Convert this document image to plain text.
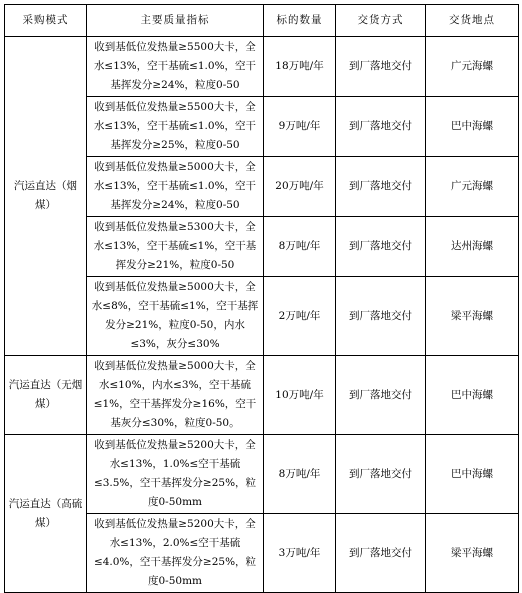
采购模式	主要质量指标	标的数量	交货方式	交货地点
汽运直达（烟煤）	收到基低位发热量≥5500大卡，全水≤13%，空干基硫≤1.0%，空干基挥发分≥24%，粒度0-50	18万吨/年	到厂落地交付	广元海螺
	收到基低位发热量≥5500大卡，全水≤13%，空干基硫≤1.0%，空干基挥发分≥25%，粒度0-50	9万吨/年	到厂落地交付	巴中海螺
	收到基低位发热量≥5000大卡，全水≤13%，空干基硫≤1.0%，空干基挥发分≥24%，粒度0-50	20万吨/年	到厂落地交付	广元海螺
	收到基低位发热量≥5300大卡，全水≤13%，空干基硫≤1%，空干基挥发分≥21%，粒度0-50	8万吨/年	到厂落地交付	达州海螺
	收到基低位发热量≥5000大卡，全水≤8%，空干基硫≤1%，空干基挥发分≥21%，粒度0-50，内水≤3%，灰分≤30%	2万吨/年	到厂落地交付	梁平海螺
汽运直达（无烟煤）	收到基低位发热量≥5000大卡，全水≤10%，内水≤3%，空干基硫≤1%，空干基挥发分≥16%，空干基灰分≤30%，粒度0-50。	10万吨/年	到厂落地交付	巴中海螺
汽运直达（高硫煤）	收到基低位发热量≥5200大卡，全水≤13%，1.0%≤空干基硫≤3.5%，空干基挥发分≥25%，粒度0-50mm	8万吨/年	到厂落地交付	巴中海螺
	收到基低位发热量≥5200大卡，全水≤13%，2.0%≤空干基硫≤4.0%，空干基挥发分≥25%，粒度0-50mm	3万吨/年	到厂落地交付	梁平海螺
